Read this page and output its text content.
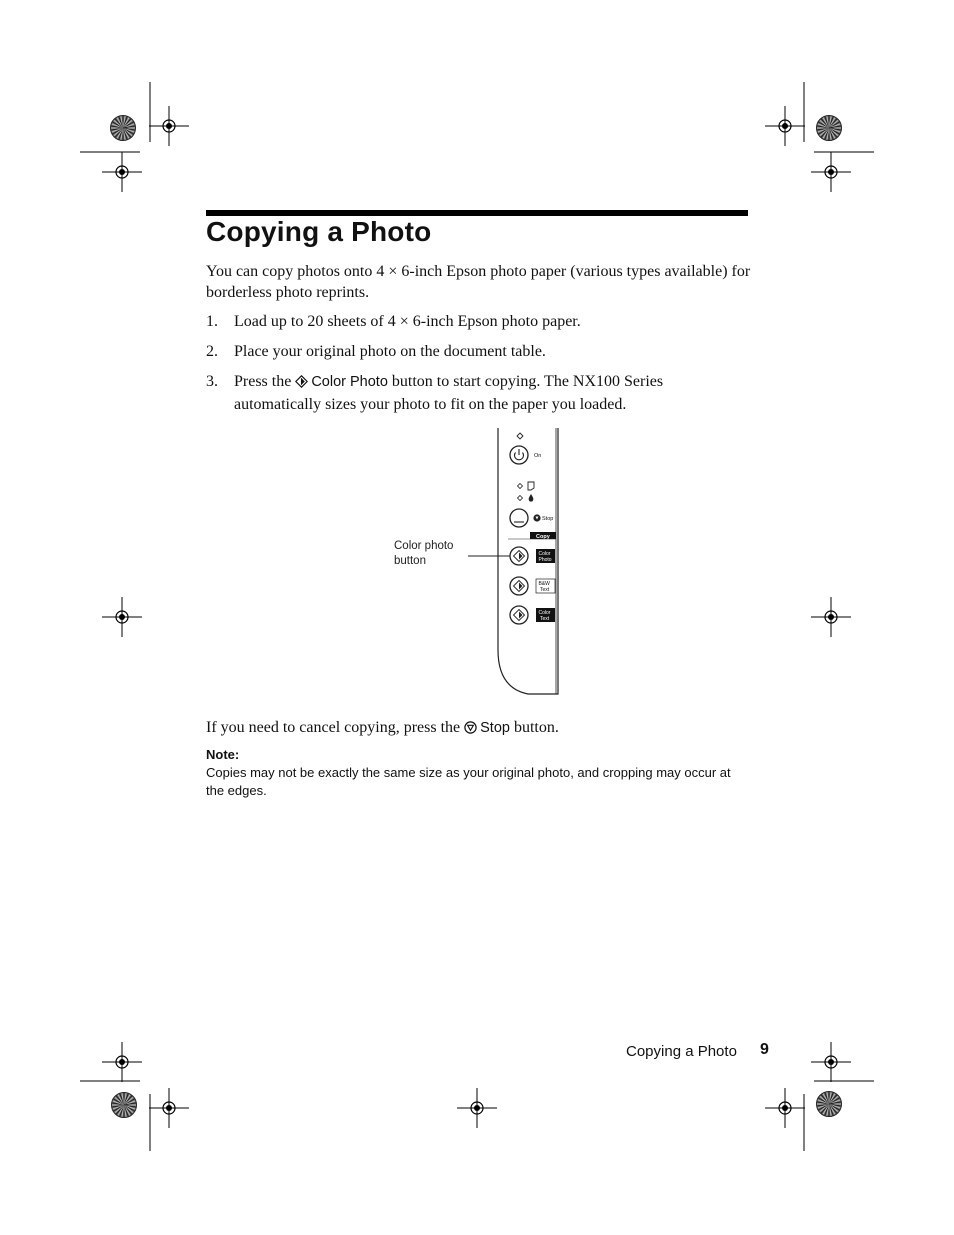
Copying a Photo
You can copy photos onto 4 × 6-inch Epson photo paper (various types available) for borderless photo reprints.
1. Load up to 20 sheets of 4 × 6-inch Epson photo paper.
2. Place your original photo on the document table.
3. Press the Color Photo button to start copying. The NX100 Series
automatically sizes your photo to fit on the paper you loaded.
On
Stop
Copy
Color
Photo
B&W
Text
Color
Text
Color photo button
If you need to cancel copying, press the Stop button.
Note:
Copies may not be exactly the same size as your original photo, and cropping may occur at the edges.
Copying a Photo 9
